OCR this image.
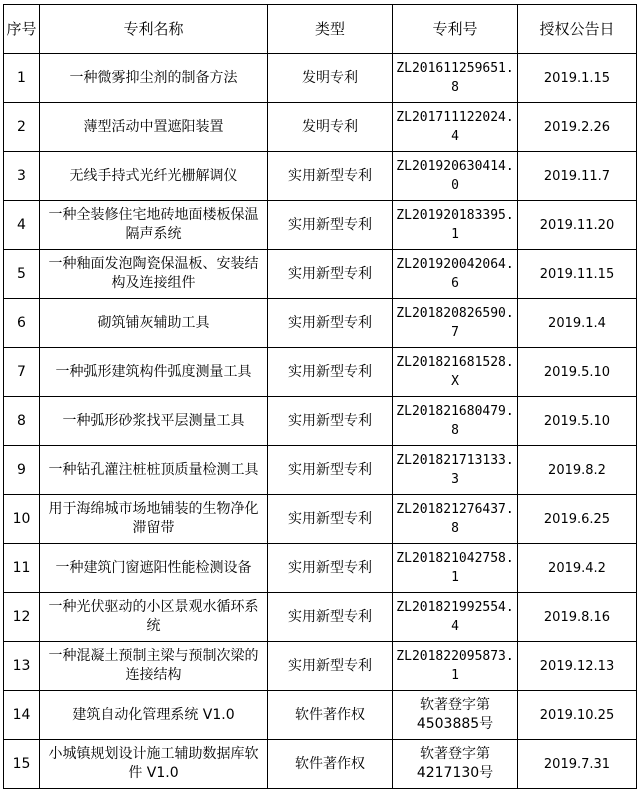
序号	专利名称	类型	专利号	授权公告日
1	一种微雾抑尘剂的制备方法	发明专利	ZL201611259651.8	2019.1.15
2	薄型活动中置遮阳装置	发明专利	ZL201711122024.4	2019.2.26
3	无线手持式光纤光栅解调仪	实用新型专利	ZL201920630414.0	2019.11.7
4	一种全装修住宅地砖地面楼板保温隔声系统	实用新型专利	ZL201920183395.1	2019.11.20
5	一种釉面发泡陶瓷保温板、安装结构及连接组件	实用新型专利	ZL201920042064.6	2019.11.15
6	砌筑铺灰辅助工具	实用新型专利	ZL201820826590.7	2019.1.4
7	一种弧形建筑构件弧度测量工具	实用新型专利	ZL201821681528.X	2019.5.10
8	一种弧形砂浆找平层测量工具	实用新型专利	ZL201821680479.8	2019.5.10
9	一种钻孔灌注桩桩顶质量检测工具	实用新型专利	ZL201821713133.3	2019.8.2
10	用于海绵城市场地铺装的生物净化滞留带	实用新型专利	ZL201821276437.8	2019.6.25
11	一种建筑门窗遮阳性能检测设备	实用新型专利	ZL201821042758.1	2019.4.2
12	一种光伏驱动的小区景观水循环系统	实用新型专利	ZL201821992554.4	2019.8.16
13	一种混凝土预制主梁与预制次梁的连接结构	实用新型专利	ZL201822095873.1	2019.12.13
14	建筑自动化管理系统 V1.0	软件著作权	软著登字第4503885号	2019.10.25
15	小城镇规划设计施工辅助数据库软件 V1.0	软件著作权	软著登字第4217130号	2019.7.31
